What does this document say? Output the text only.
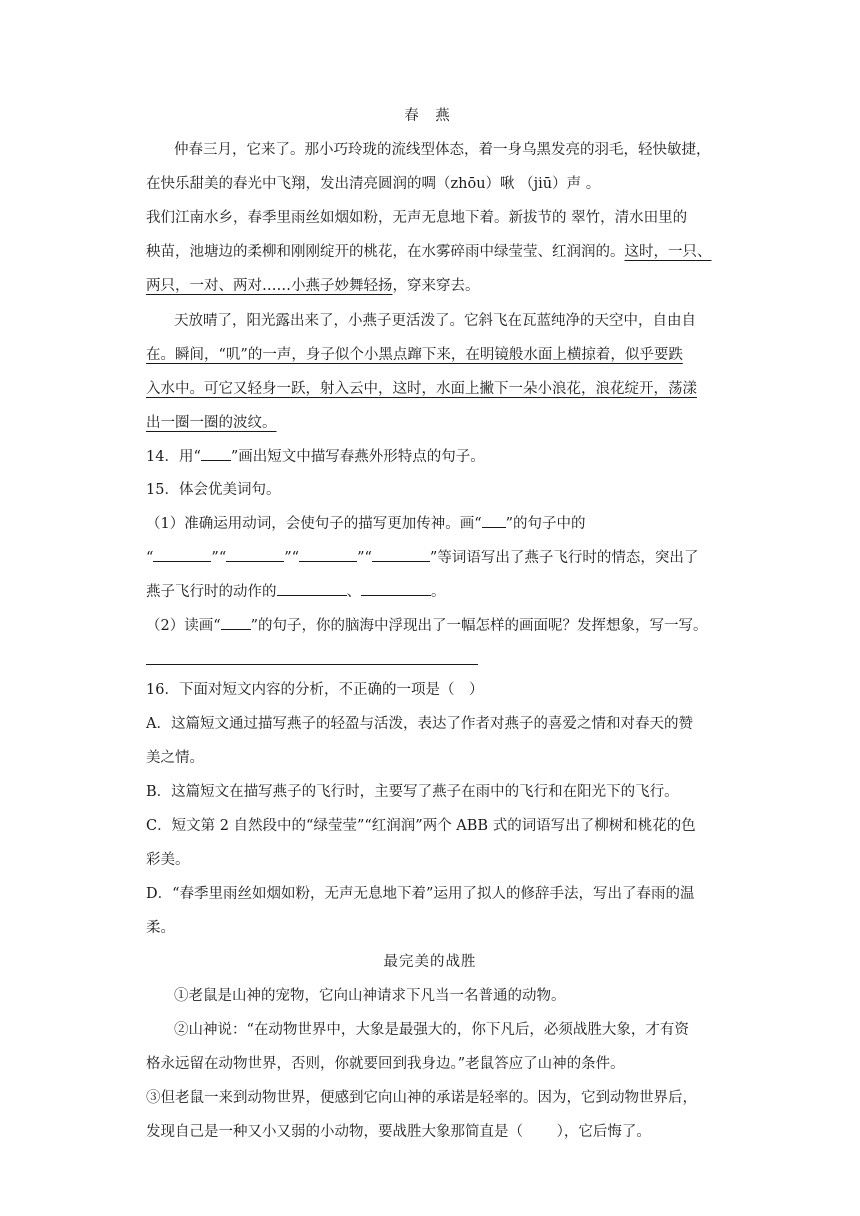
春 燕
仲春三月，它来了。那小巧玲珑的流线型体态，着一身乌黑发亮的羽毛，轻快敏捷，
在快乐甜美的春光中飞翔，发出清亮圆润的啁（zhōu）啾 （jiū）声 。
我们江南水乡，春季里雨丝如烟如粉，无声无息地下着。新拔节的 翠竹，清水田里的
秧苗，池塘边的柔柳和刚刚绽开的桃花，在水雾碎雨中绿莹莹、红润润的。这时，一只、
两只，一对、两对……小燕子妙舞轻扬，穿来穿去。
天放晴了，阳光露出来了，小燕子更活泼了。它斜飞在瓦蓝纯净的天空中，自由自
在。瞬间，“叽”的一声，身子似个小黑点蹿下来，在明镜般水面上横掠着，似乎要跌
入水中。可它又轻身一跃，射入云中，这时，水面上撇下一朵小浪花，浪花绽开，荡漾
出一圈一圈的波纹。
14．用“ ”画出短文中描写春燕外形特点的句子。
15．体会优美词句。
（1）准确运用动词，会使句子的描写更加传神。画“ ”的句子中的
“	”“	”“	”“	”等词语写出了燕子飞行时的情态，突出了
燕子飞行时的动作的	、	。
（2）读画“ ”的句子，你的脑海中浮现出了一幅怎样的画面呢？发挥想象，写一写。
16．下面对短文内容的分析，不正确的一项是（　）
A．这篇短文通过描写燕子的轻盈与活泼，表达了作者对燕子的喜爱之情和对春天的赞
美之情。
B．这篇短文在描写燕子的飞行时，主要写了燕子在雨中的飞行和在阳光下的飞行。
C．短文第 2 自然段中的“绿莹莹”“红润润”两个 ABB 式的词语写出了柳树和桃花的色
彩美。
D．“春季里雨丝如烟如粉，无声无息地下着”运用了拟人的修辞手法，写出了春雨的温
柔。
最完美的战胜
①老鼠是山神的宠物，它向山神请求下凡当一名普通的动物。
②山神说：“在动物世界中，大象是最强大的，你下凡后，必须战胜大象，才有资
格永远留在动物世界，否则，你就要回到我身边。”老鼠答应了山神的条件。
③但老鼠一来到动物世界，便感到它向山神的承诺是轻率的。因为，它到动物世界后，
发现自己是一种又小又弱的小动物，要战胜大象那简直是（　　 ），它后悔了。
